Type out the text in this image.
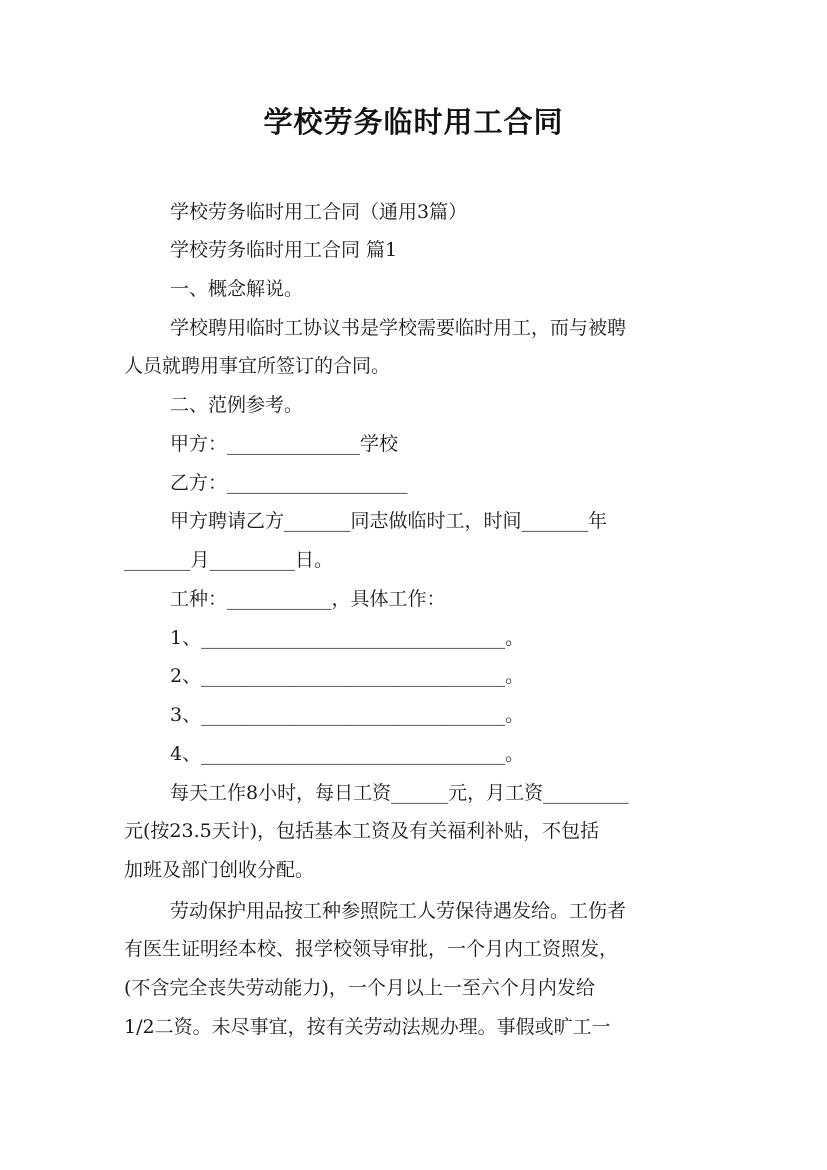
学校劳务临时用工合同
学校劳务临时用工合同（通用3篇）
学校劳务临时用工合同 篇1
一、概念解说。
学校聘用临时工协议书是学校需要临时用工，而与被聘
人员就聘用事宜所签订的合同。
二、范例参考。
甲方：______________学校
乙方：___________________
甲方聘请乙方_______同志做临时工，时间_______年
_______月_________日。
工种：___________，具体工作：
1、________________________________。
2、________________________________。
3、________________________________。
4、________________________________。
每天工作8小时，每日工资______元，月工资_________
元(按23.5天计)，包括基本工资及有关福利补贴，不包括
加班及部门创收分配。
劳动保护用品按工种参照院工人劳保待遇发给。工伤者
有医生证明经本校、报学校领导审批，一个月内工资照发，
(不含完全丧失劳动能力)，一个月以上一至六个月内发给
1/2二资。未尽事宜，按有关劳动法规办理。事假或旷工一
